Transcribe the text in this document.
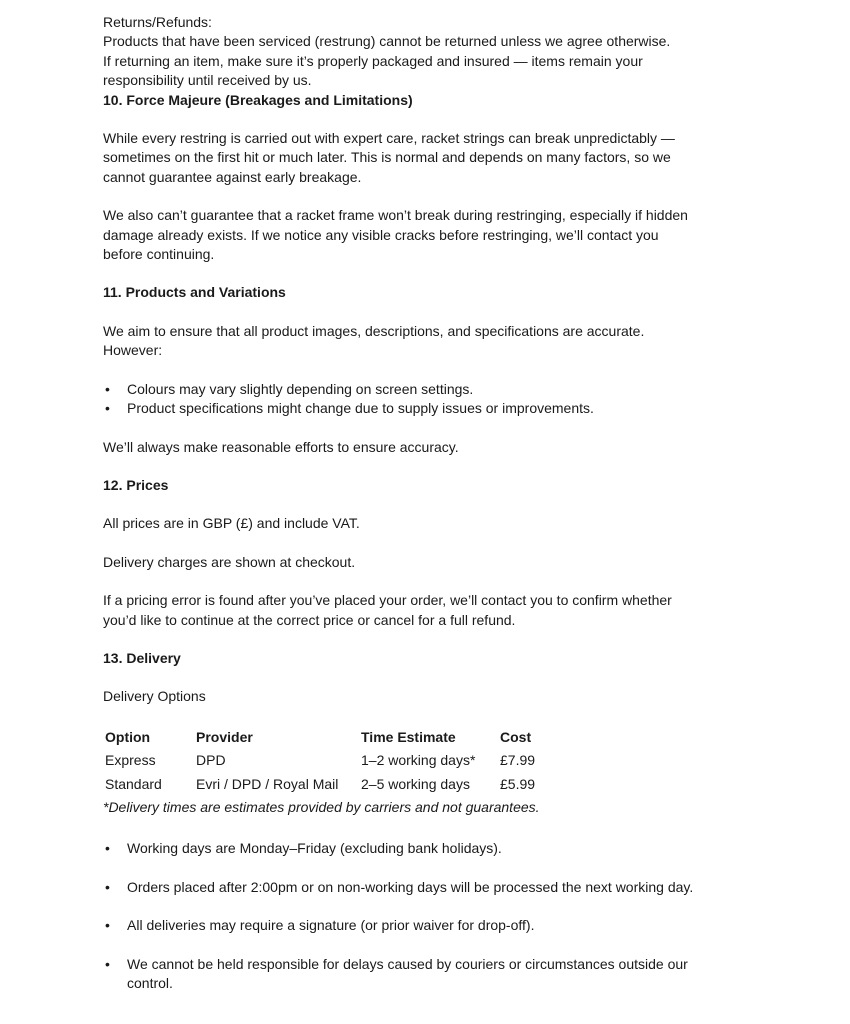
Returns/Refunds:
Products that have been serviced (restrung) cannot be returned unless we agree otherwise.
If returning an item, make sure it’s properly packaged and insured — items remain your
responsibility until received by us.

10. Force Majeure (Breakages and Limitations)

While every restring is carried out with expert care, racket strings can break unpredictably —
sometimes on the first hit or much later. This is normal and depends on many factors, so we
cannot guarantee against early breakage.

We also can’t guarantee that a racket frame won’t break during restringing, especially if hidden
damage already exists. If we notice any visible cracks before restringing, we’ll contact you
before continuing.

11. Products and Variations

We aim to ensure that all product images, descriptions, and specifications are accurate.
However:

• Colours may vary slightly depending on screen settings.
• Product specifications might change due to supply issues or improvements.

We’ll always make reasonable efforts to ensure accuracy.

12. Prices

All prices are in GBP (£) and include VAT.

Delivery charges are shown at checkout.

If a pricing error is found after you’ve placed your order, we’ll contact you to confirm whether
you’d like to continue at the correct price or cancel for a full refund.

13. Delivery

Delivery Options

Option	Provider	Time Estimate	Cost
Express	DPD	1–2 working days*	£7.99
Standard	Evri / DPD / Royal Mail	2–5 working days	£5.99

*Delivery times are estimates provided by carriers and not guarantees.

• Working days are Monday–Friday (excluding bank holidays).
• Orders placed after 2:00pm or on non-working days will be processed the next working day.
• All deliveries may require a signature (or prior waiver for drop-off).
• We cannot be held responsible for delays caused by couriers or circumstances outside our
control.
